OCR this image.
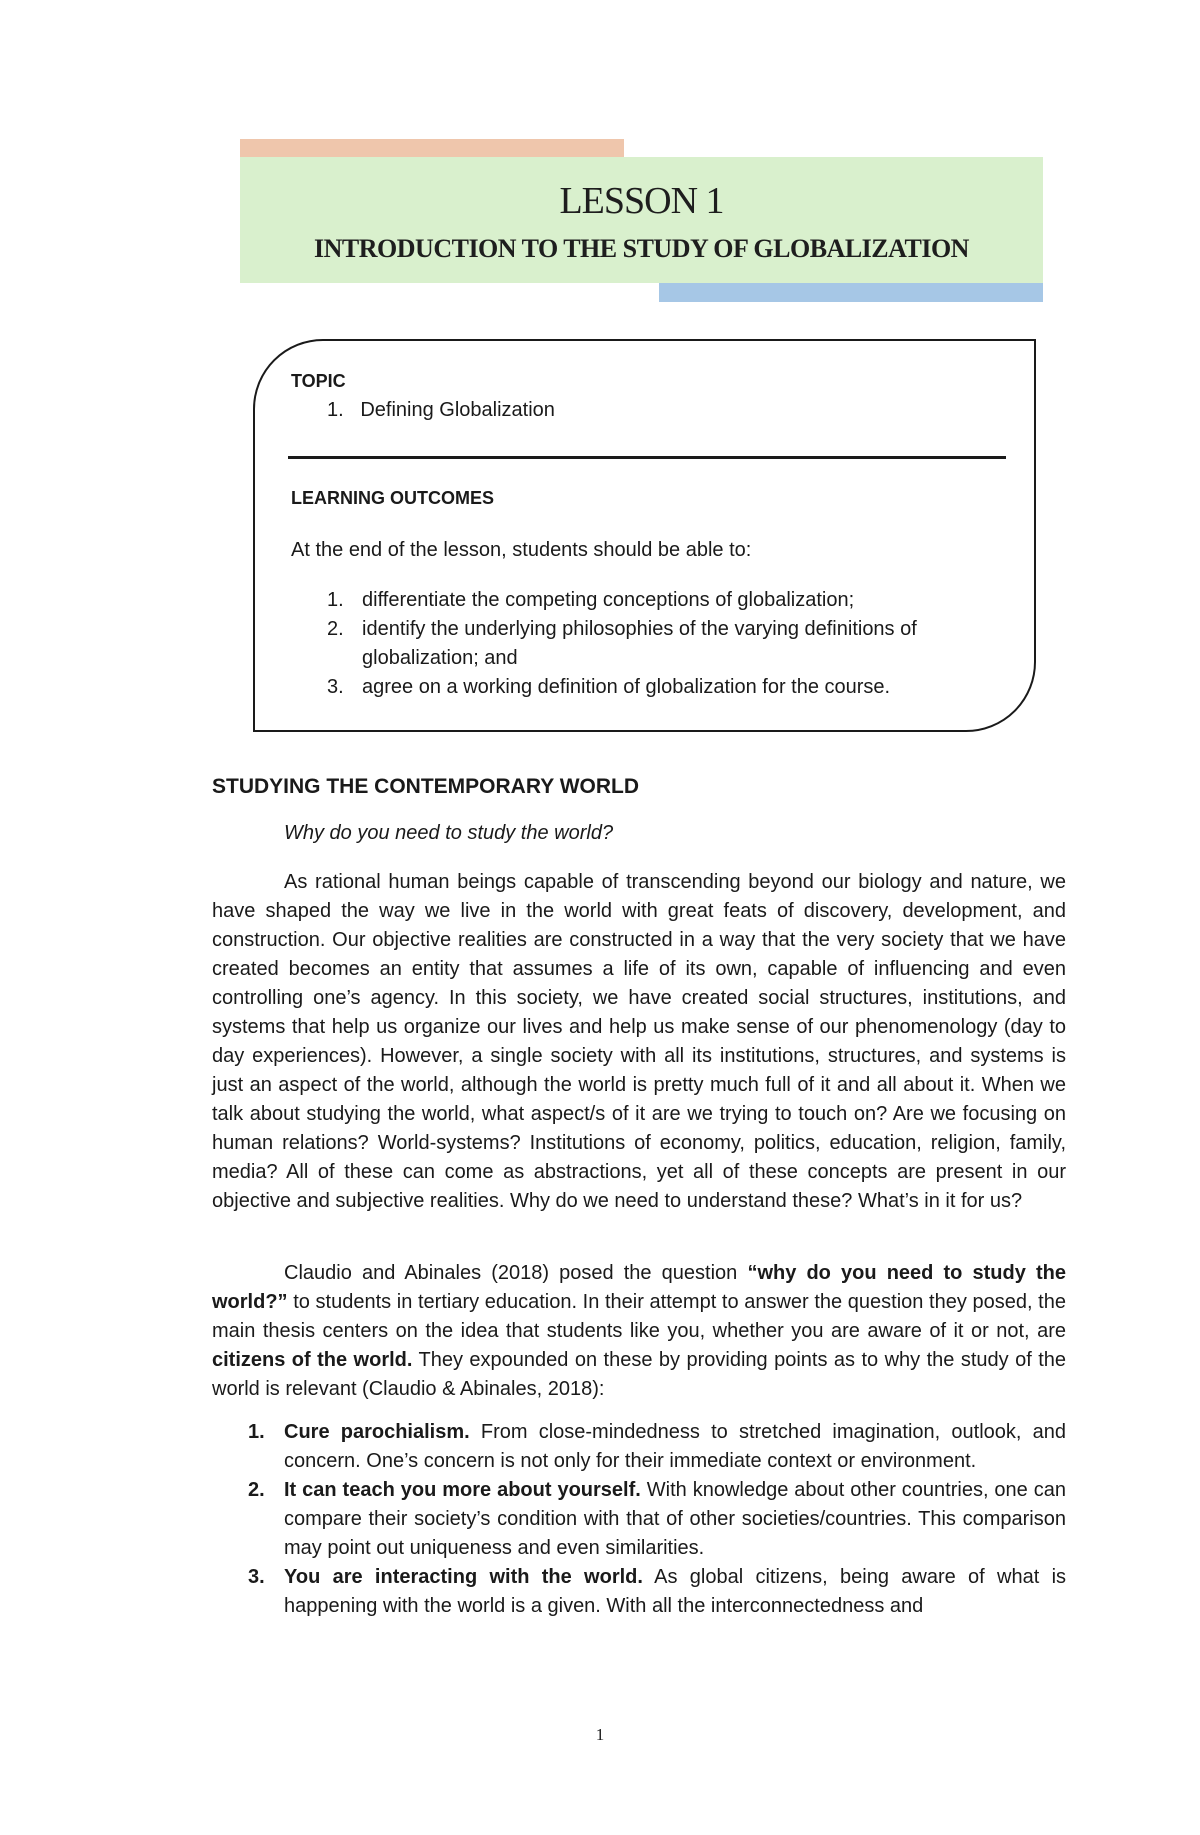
LESSON 1
INTRODUCTION TO THE STUDY OF GLOBALIZATION
TOPIC
1. Defining Globalization
LEARNING OUTCOMES
At the end of the lesson, students should be able to:
1. differentiate the competing conceptions of globalization;
2. identify the underlying philosophies of the varying definitions of globalization; and
3. agree on a working definition of globalization for the course.
STUDYING THE CONTEMPORARY WORLD
Why do you need to study the world?

As rational human beings capable of transcending beyond our biology and nature, we have shaped the way we live in the world with great feats of discovery, development, and construction. Our objective realities are constructed in a way that the very society that we have created becomes an entity that assumes a life of its own, capable of influencing and even controlling one’s agency. In this society, we have created social structures, institutions, and systems that help us organize our lives and help us make sense of our phenomenology (day to day experiences). However, a single society with all its institutions, structures, and systems is just an aspect of the world, although the world is pretty much full of it and all about it. When we talk about studying the world, what aspect/s of it are we trying to touch on? Are we focusing on human relations? World-systems? Institutions of economy, politics, education, religion, family, media? All of these can come as abstractions, yet all of these concepts are present in our objective and subjective realities. Why do we need to understand these? What’s in it for us?

Claudio and Abinales (2018) posed the question “why do you need to study the world?” to students in tertiary education. In their attempt to answer the question they posed, the main thesis centers on the idea that students like you, whether you are aware of it or not, are citizens of the world. They expounded on these by providing points as to why the study of the world is relevant (Claudio & Abinales, 2018):

1. Cure parochialism. From close-mindedness to stretched imagination, outlook, and concern. One’s concern is not only for their immediate context or environment.
2. It can teach you more about yourself. With knowledge about other countries, one can compare their society’s condition with that of other societies/countries. This comparison may point out uniqueness and even similarities.
3. You are interacting with the world. As global citizens, being aware of what is happening with the world is a given. With all the interconnectedness and
1
